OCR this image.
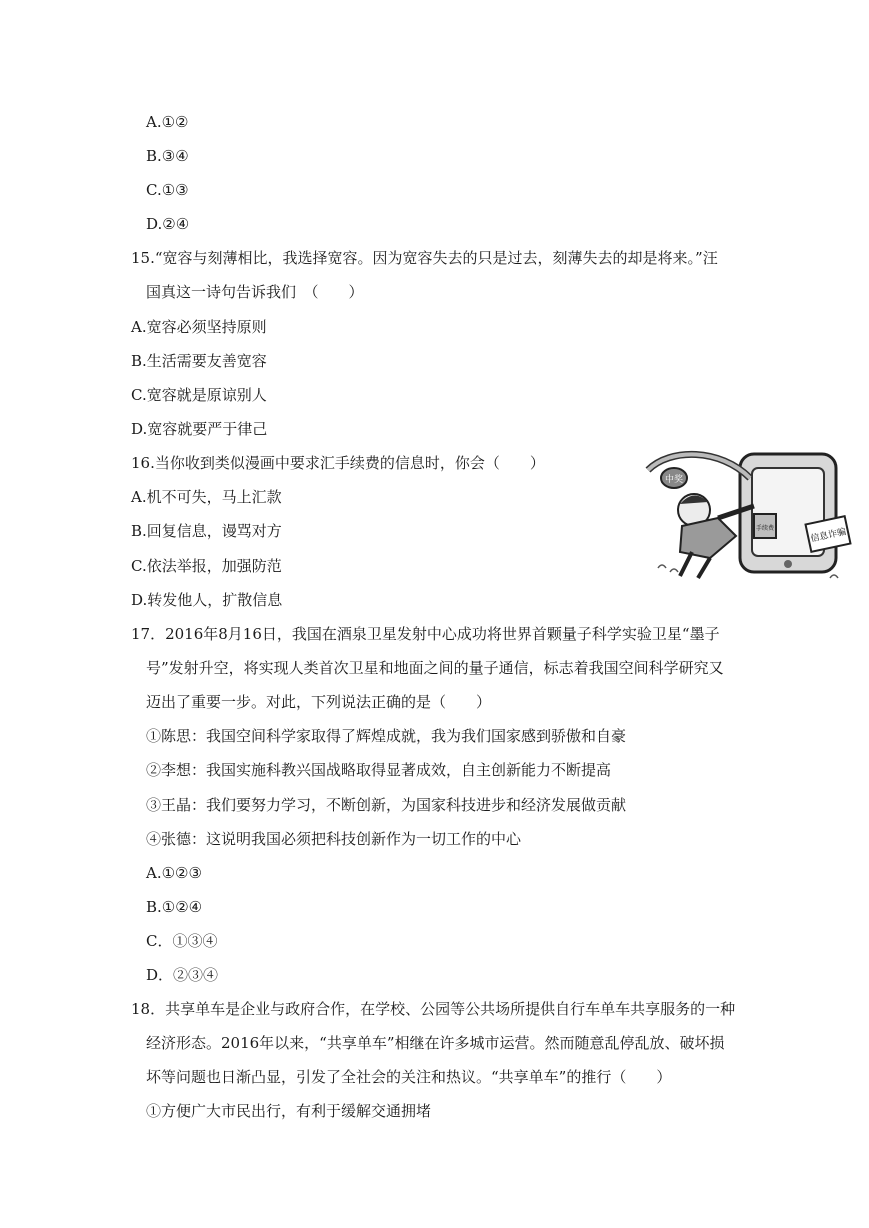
A.①②
B.③④
C.①③
D.②④
15.“宽容与刻薄相比，我选择宽容。因为宽容失去的只是过去，刻薄失去的却是将来。”汪
国真这一诗句告诉我们　（　　）
A.宽容必须坚持原则
B.生活需要友善宽容
C.宽容就是原谅别人
D.宽容就要严于律己
16.当你收到类似漫画中要求汇手续费的信息时，你会（　　）
A.机不可失，马上汇款
B.回复信息，谩骂对方
C.依法举报，加强防范
D.转发他人，扩散信息
中奖
手续费	信息诈骗
17．2016年8月16日，我国在酒泉卫星发射中心成功将世界首颗量子科学实验卫星“墨子
号”发射升空，将实现人类首次卫星和地面之间的量子通信，标志着我国空间科学研究又
迈出了重要一步。对此，下列说法正确的是（　　）
①陈思：我国空间科学家取得了辉煌成就，我为我们国家感到骄傲和自豪
②李想：我国实施科教兴国战略取得显著成效，自主创新能力不断提高
③王晶：我们要努力学习，不断创新，为国家科技进步和经济发展做贡献
④张德：这说明我国必须把科技创新作为一切工作的中心
A.①②③
B.①②④
C．①③④
D．②③④
18．共享单车是企业与政府合作，在学校、公园等公共场所提供自行车单车共享服务的一种
经济形态。2016年以来，“共享单车”相继在许多城市运营。然而随意乱停乱放、破坏损
坏等问题也日渐凸显，引发了全社会的关注和热议。“共享单车”的推行（　　）
①方便广大市民出行，有利于缓解交通拥堵
